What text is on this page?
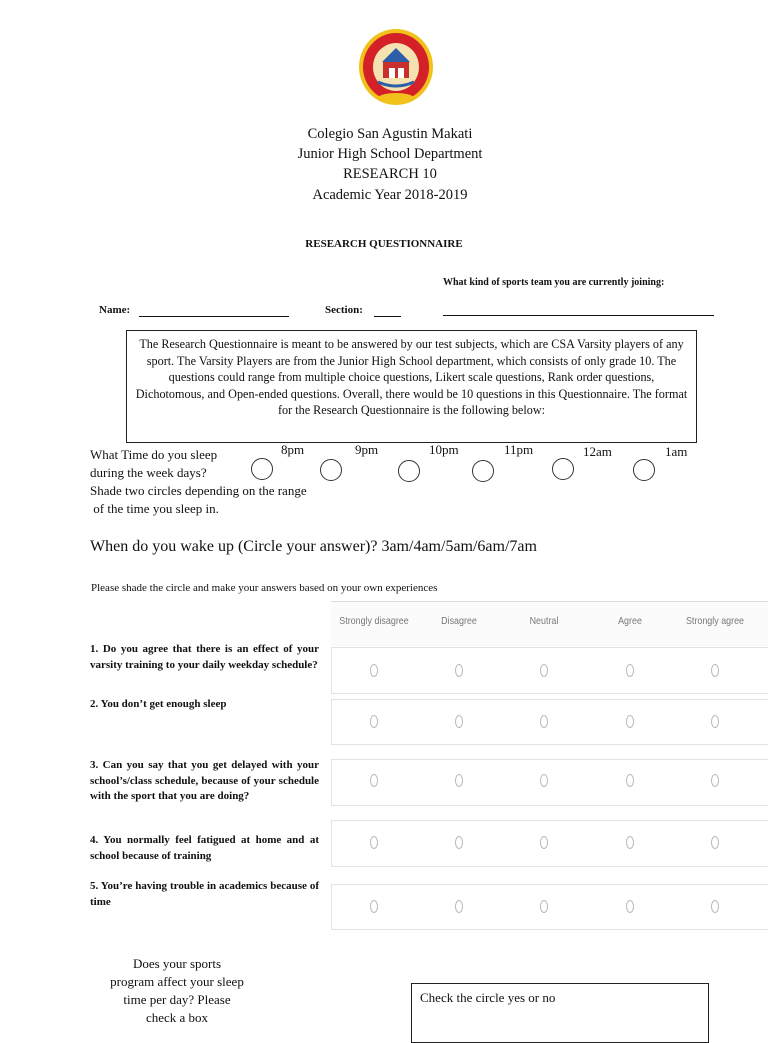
Colegio San Agustin Makati
Junior High School Department
RESEARCH 10
Academic Year 2018-2019
RESEARCH QUESTIONNAIRE
What kind of sports team you are currently joining:
Name:	Section:
The Research Questionnaire is meant to be answered by our test subjects, which are CSA Varsity players of any sport. The Varsity Players are from the Junior High School department, which consists of only grade 10. The questions could range from multiple choice questions, Likert scale questions, Rank order questions, Dichotomous, and Open-ended questions. Overall, there would be 10 questions in this Questionnaire. The format for the Research Questionnaire is the following below:
What Time do you sleep
during the week days?
Shade two circles depending on the range
of the time you sleep in.
8pm	9pm	10pm	11pm	12am	1am
When do you wake up (Circle your answer)? 3am/4am/5am/6am/7am
Please shade the circle and make your answers based on your own experiences
Strongly disagree	Disagree	Neutral	Agree	Strongly agree
1. Do you agree that there is an effect of your varsity training to your daily weekday schedule?
2. You don’t get enough sleep
3. Can you say that you get delayed with your school’s/class schedule, because of your schedule with the sport that you are doing?
4. You normally feel fatigued at home and at school because of training
5. You’re having trouble in academics because of time
Does your sports program affect your sleep time per day? Please check a box
Check the circle yes or no
